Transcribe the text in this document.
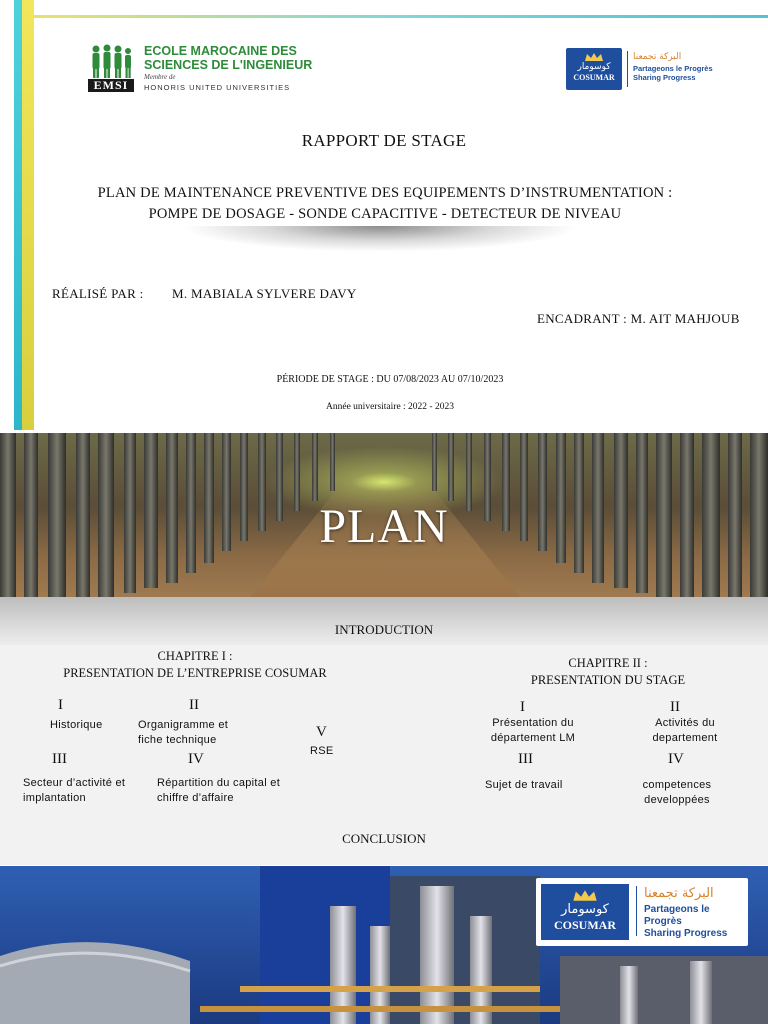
EMSI
ECOLE MAROCAINE DES
SCIENCES DE L'INGENIEUR
Membre de
HONORIS UNITED UNIVERSITIES
كوسومار
COSUMAR
البركة تجمعنا
Partageons le Progrès
Sharing Progress
RAPPORT DE STAGE
PLAN DE MAINTENANCE PREVENTIVE DES EQUIPEMENTS D’INSTRUMENTATION :
POMPE DE DOSAGE - SONDE CAPACITIVE - DETECTEUR DE NIVEAU
RÉALISÉ PAR : M. MABIALA SYLVERE DAVY
ENCADRANT : M. AIT MAHJOUB
PÉRIODE DE STAGE : DU 07/08/2023 AU 07/10/2023
Année universitaire : 2022 - 2023
PLAN
INTRODUCTION
CHAPITRE I :
PRESENTATION DE L’ENTREPRISE COSUMAR
I
Historique
II
Organigramme et
fiche technique	V
RSE
III
Secteur d’activité et
implantation
IV
Répartition du capital et
chiffre d’affaire
CHAPITRE II :
PRESENTATION DU STAGE
I
Présentation du
département LM
II
Activités du
departement
III
Sujet de travail
IV
competences
developpées
CONCLUSION
كوسومار
COSUMAR
البركة تجمعنا
Partageons le Progrès
Sharing Progress
